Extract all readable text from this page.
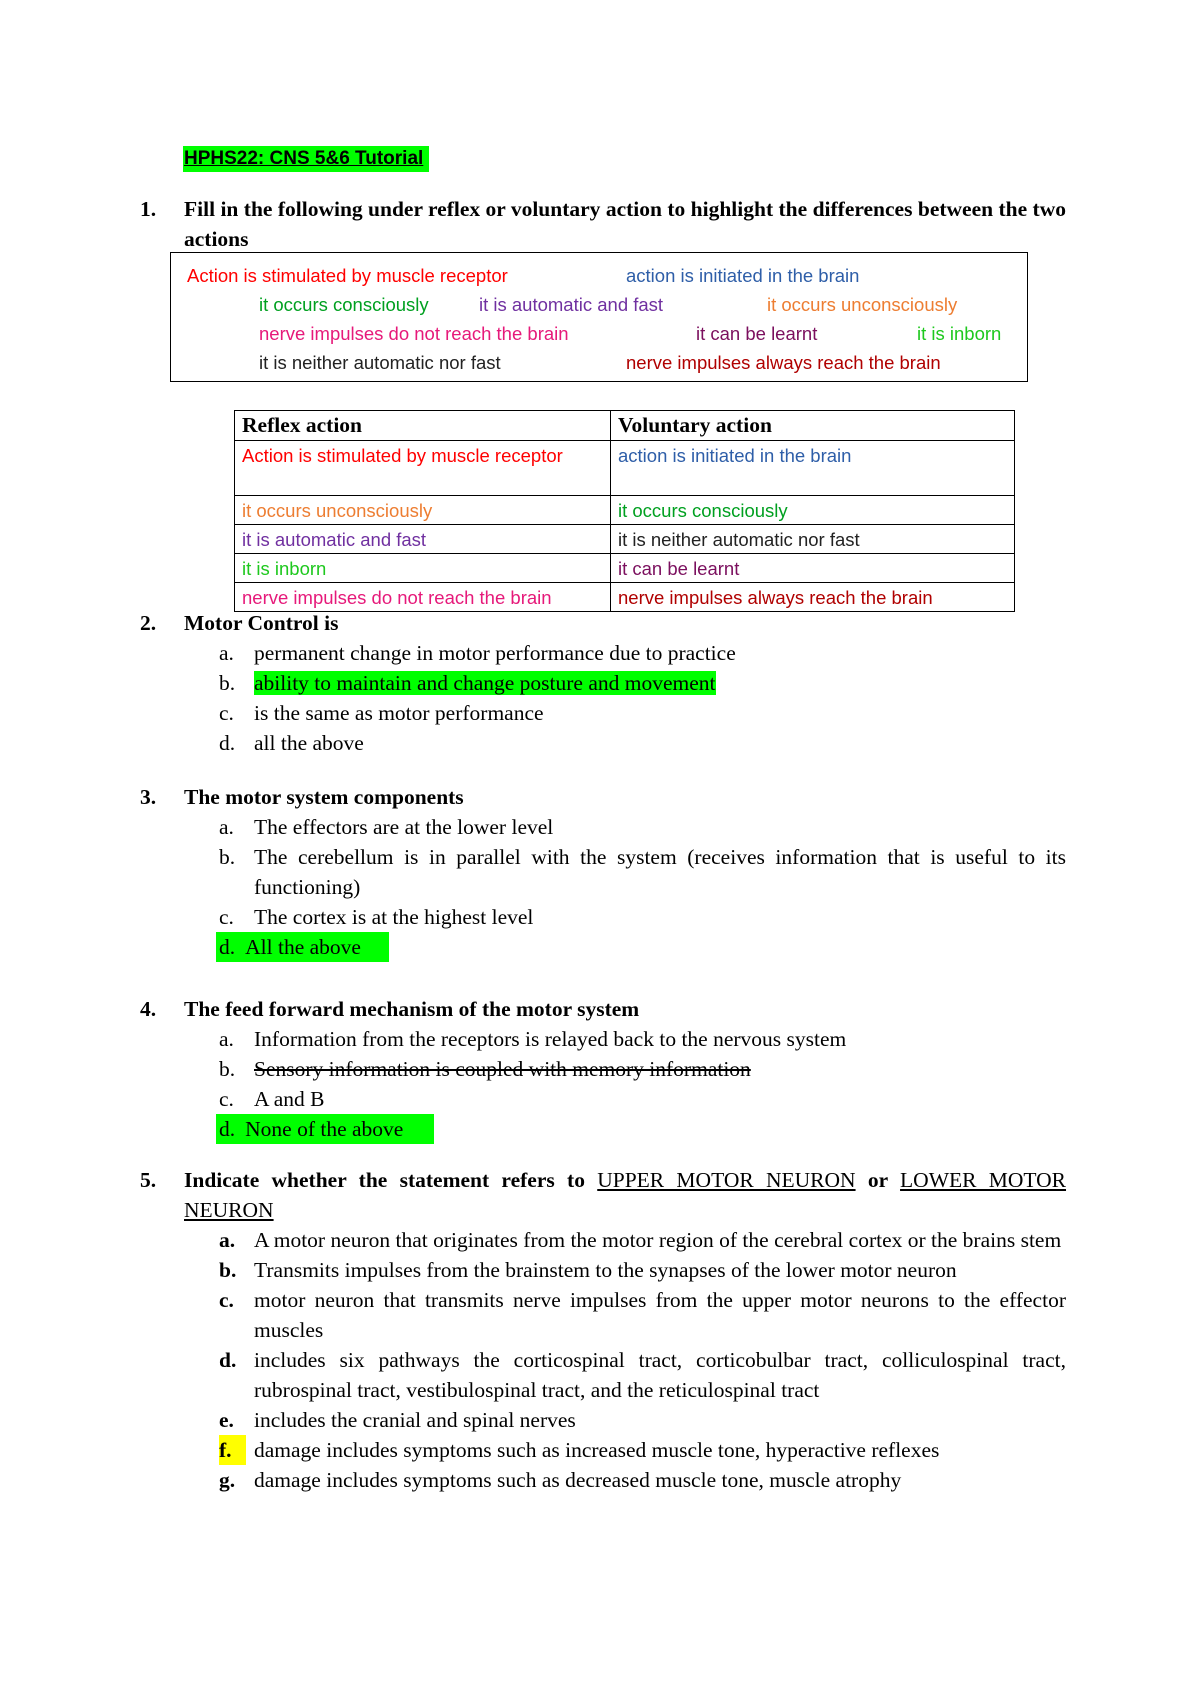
HPHS22: CNS 5&6 Tutorial
1. Fill in the following under reflex or voluntary action to highlight the differences between the two actions
Action is stimulated by muscle receptor	action is initiated in the brain
it occurs consciously	it is automatic and fast	it occurs unconsciously
nerve impulses do not reach the brain	it can be learnt	it is inborn
it is neither automatic nor fast	nerve impulses always reach the brain
Reflex action	Voluntary action
Action is stimulated by muscle receptor	action is initiated in the brain
it occurs unconsciously	it occurs consciously
it is automatic and fast	it is neither automatic nor fast
it is inborn	it can be learnt
nerve impulses do not reach the brain	nerve impulses always reach the brain
2. Motor Control is
a. permanent change in motor performance due to practice
b. ability to maintain and change posture and movement
c. is the same as motor performance
d. all the above
3. The motor system components
a. The effectors are at the lower level
b. The cerebellum is in parallel with the system (receives information that is useful to its functioning)
c. The cortex is at the highest level
d. All the above
4. The feed forward mechanism of the motor system
a. Information from the receptors is relayed back to the nervous system
b. Sensory information is coupled with memory information
c. A and B
d. None of the above
5. Indicate whether the statement refers to UPPER MOTOR NEURON or LOWER MOTOR NEURON
a. A motor neuron that originates from the motor region of the cerebral cortex or the brains stem
b. Transmits impulses from the brainstem to the synapses of the lower motor neuron
c. motor neuron that transmits nerve impulses from the upper motor neurons to the effector muscles
d. includes six pathways the corticospinal tract, corticobulbar tract, colliculospinal tract, rubrospinal tract, vestibulospinal tract, and the reticulospinal tract
e. includes the cranial and spinal nerves
f.	damage includes symptoms such as increased muscle tone, hyperactive reflexes
g. damage includes symptoms such as decreased muscle tone, muscle atrophy
